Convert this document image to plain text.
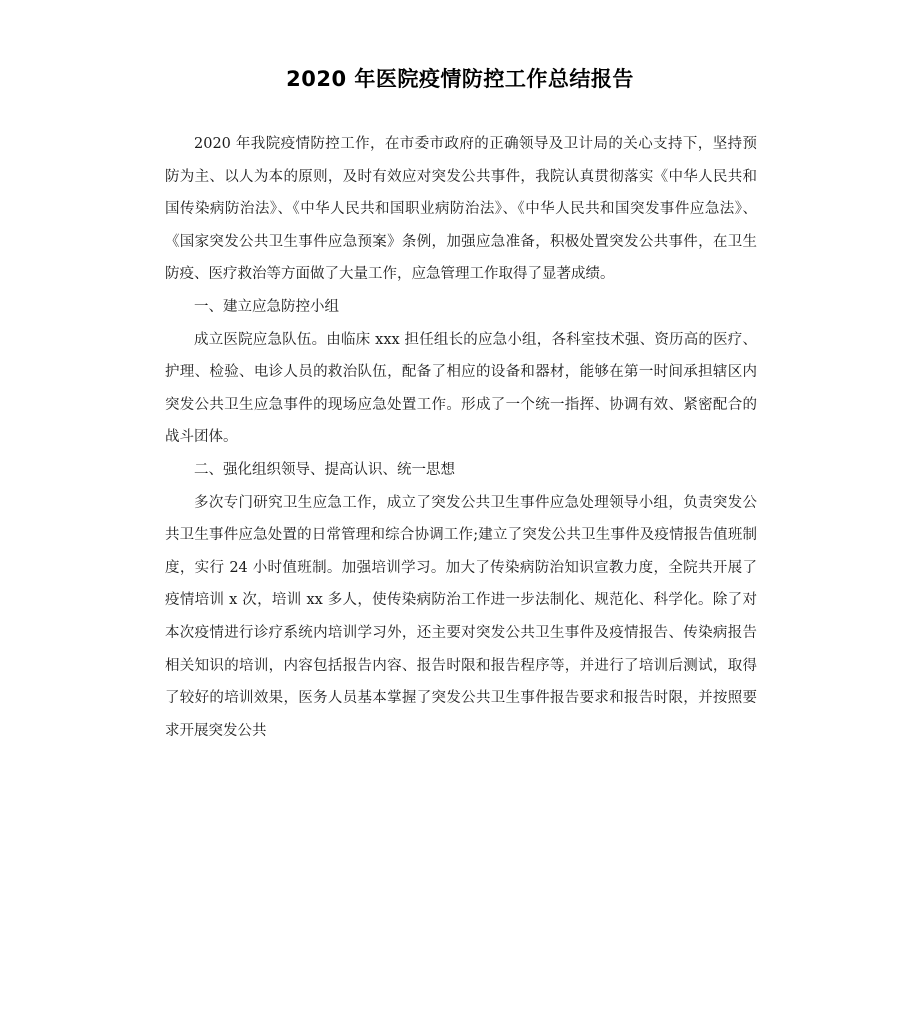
2020 年医院疫情防控工作总结报告

2020 年我院疫情防控工作，在市委市政府的正确领导及卫计局的关心支持下，坚持预防为主、以人为本的原则，及时有效应对突发公共事件，我院认真贯彻落实《中华人民共和国传染病防治法》、《中华人民共和国职业病防治法》、《中华人民共和国突发事件应急法》、《国家突发公共卫生事件应急预案》条例，加强应急准备，积极处置突发公共事件，在卫生防疫、医疗救治等方面做了大量工作，应急管理工作取得了显著成绩。

一、建立应急防控小组

成立医院应急队伍。由临床 xxx 担任组长的应急小组，各科室技术强、资历高的医疗、护理、检验、电诊人员的救治队伍，配备了相应的设备和器材，能够在第一时间承担辖区内突发公共卫生应急事件的现场应急处置工作。形成了一个统一指挥、协调有效、紧密配合的战斗团体。

二、强化组织领导、提高认识、统一思想

多次专门研究卫生应急工作，成立了突发公共卫生事件应急处理领导小组，负责突发公共卫生事件应急处置的日常管理和综合协调工作;建立了突发公共卫生事件及疫情报告值班制度，实行 24 小时值班制。加强培训学习。加大了传染病防治知识宣教力度，全院共开展了疫情培训 x 次，培训 xx 多人，使传染病防治工作进一步法制化、规范化、科学化。除了对本次疫情进行诊疗系统内培训学习外，还主要对突发公共卫生事件及疫情报告、传染病报告相关知识的培训，内容包括报告内容、报告时限和报告程序等，并进行了培训后测试，取得了较好的培训效果，医务人员基本掌握了突发公共卫生事件报告要求和报告时限，并按照要求开展突发公共
